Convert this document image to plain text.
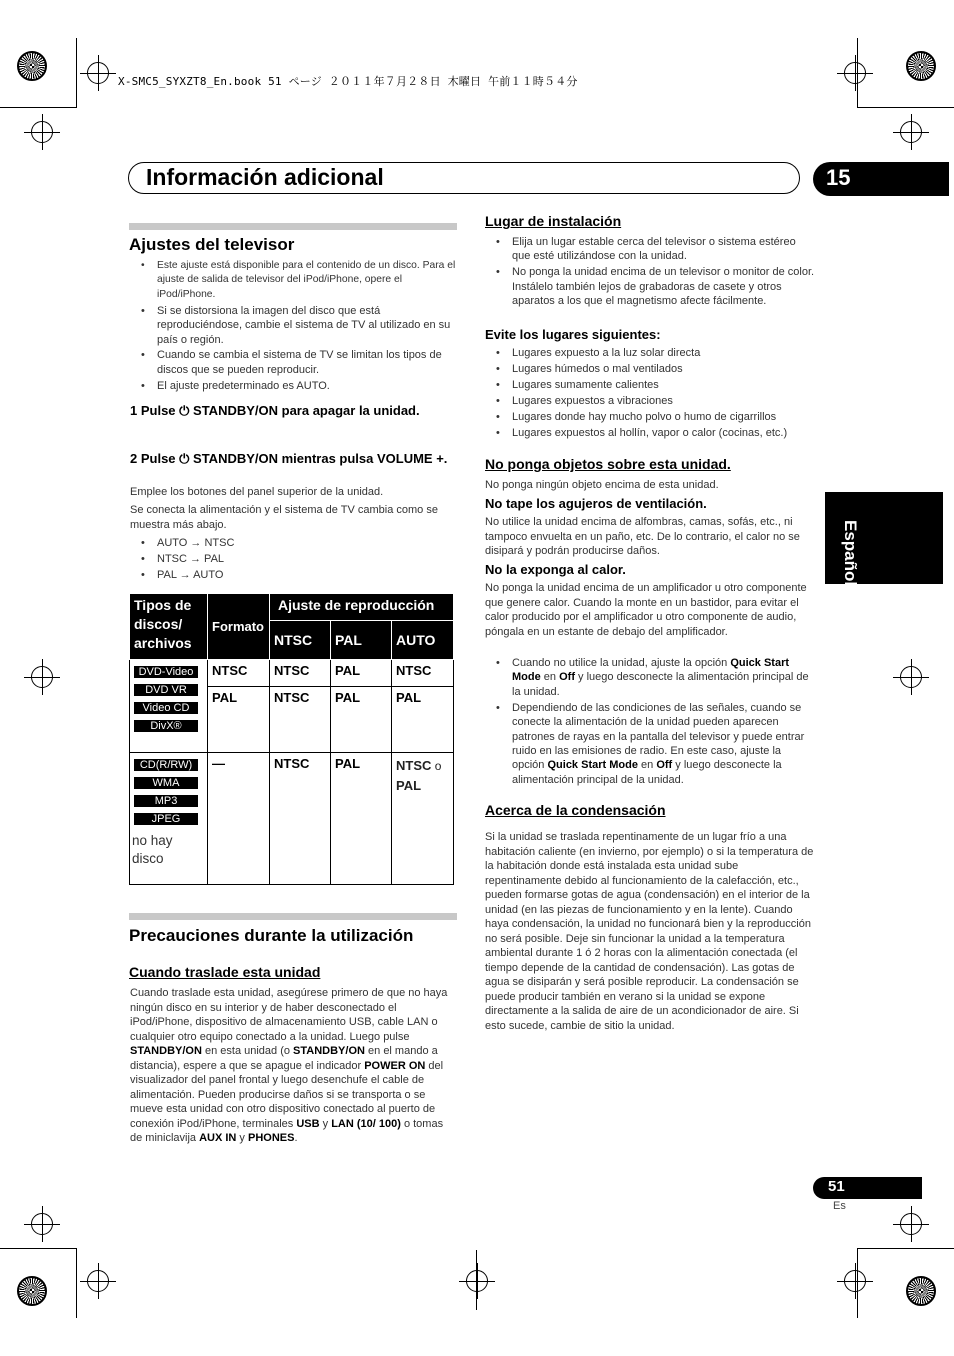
X-SMC5_SYXZT8_En.book 51 ページ ２０１１年７月２８日 木曜日 午前１１時５４分
Información adicional	15
Español
Ajustes del televisor
• Este ajuste está disponible para el contenido de un disco. Para el ajuste de salida de televisor del iPod/iPhone, opere el iPod/iPhone.
• Si se distorsiona la imagen del disco que está reproduciéndose, cambie el sistema de TV al utilizado en su país o región.
• Cuando se cambia el sistema de TV se limitan los tipos de discos que se pueden reproducir.
• El ajuste predeterminado es AUTO.
1 Pulse ⏻ STANDBY/ON para apagar la unidad.
2 Pulse ⏻ STANDBY/ON mientras pulsa VOLUME +.
Emplee los botones del panel superior de la unidad.
Se conecta la alimentación y el sistema de TV cambia como se muestra más abajo.
• AUTO → NTSC
• NTSC → PAL
• PAL → AUTO
Tipos de discos/ archivos	Formato	Ajuste de reproducción		
		NTSC	PAL	AUTO
DVD-Video
DVD VR
Video CD
DivX®	NTSC	NTSC	PAL	NTSC
	PAL	NTSC	PAL	PAL
CD(R/RW)
WMA
MP3
JPEG
no hay disco	—	NTSC	PAL	NTSC o
PAL
Precauciones durante la utilización
Cuando traslade esta unidad
Cuando traslade esta unidad, asegúrese primero de que no haya ningún disco en su interior y de haber desconectado el iPod/iPhone, dispositivo de almacenamiento USB, cable LAN o cualquier otro equipo conectado a la unidad. Luego pulse STANDBY/ON en esta unidad (o STANDBY/ON en el mando a distancia), espere a que se apague el indicador POWER ON del visualizador del panel frontal y luego desenchufe el cable de alimentación. Pueden producirse daños si se transporta o se mueve esta unidad con otro dispositivo conectado al puerto de conexión iPod/iPhone, terminales USB y LAN (10/ 100) o tomas de miniclavija AUX IN y PHONES.
Lugar de instalación
• Elija un lugar estable cerca del televisor o sistema estéreo que esté utilizándose con la unidad.
• No ponga la unidad encima de un televisor o monitor de color. Instálelo también lejos de grabadoras de casete y otros aparatos a los que el magnetismo afecte fácilmente.
Evite los lugares siguientes:
• Lugares expuesto a la luz solar directa
• Lugares húmedos o mal ventilados
• Lugares sumamente calientes
• Lugares expuestos a vibraciones
• Lugares donde hay mucho polvo o humo de cigarrillos
• Lugares expuestos al hollín, vapor o calor (cocinas, etc.)
No ponga objetos sobre esta unidad.
No ponga ningún objeto encima de esta unidad.
No tape los agujeros de ventilación.
No utilice la unidad encima de alfombras, camas, sofás, etc., ni tampoco envuelta en un paño, etc. De lo contrario, el calor no se disipará y podrán producirse daños.
No la exponga al calor.
No ponga la unidad encima de un amplificador u otro componente que genere calor. Cuando la monte en un bastidor, para evitar el calor producido por el amplificador u otro componente de audio, póngala en un estante de debajo del amplificador.
• Cuando no utilice la unidad, ajuste la opción Quick Start Mode en Off y luego desconecte la alimentación principal de la unidad.
• Dependiendo de las condiciones de las señales, cuando se conecte la alimentación de la unidad pueden aparecen patrones de rayas en la pantalla del televisor y puede entrar ruido en las emisiones de radio. En este caso, ajuste la opción Quick Start Mode en Off y luego desconecte la alimentación principal de la unidad.
Acerca de la condensación
Si la unidad se traslada repentinamente de un lugar frío a una habitación caliente (en invierno, por ejemplo) o si la temperatura de la habitación donde está instalada esta unidad sube repentinamente debido al funcionamiento de la calefacción, etc., pueden formarse gotas de agua (condensación) en el interior de la unidad (en las piezas de funcionamiento y en la lente). Cuando haya condensación, la unidad no funcionará bien y la reproducción no será posible. Deje sin funcionar la unidad a la temperatura ambiental durante 1 ó 2 horas con la alimentación conectada (el tiempo depende de la cantidad de condensación). Las gotas de agua se disiparán y será posible reproducir. La condensación se puede producir también en verano si la unidad se expone directamente a la salida de aire de un acondicionador de aire. Si esto sucede, cambie de sitio la unidad.
51
Es
